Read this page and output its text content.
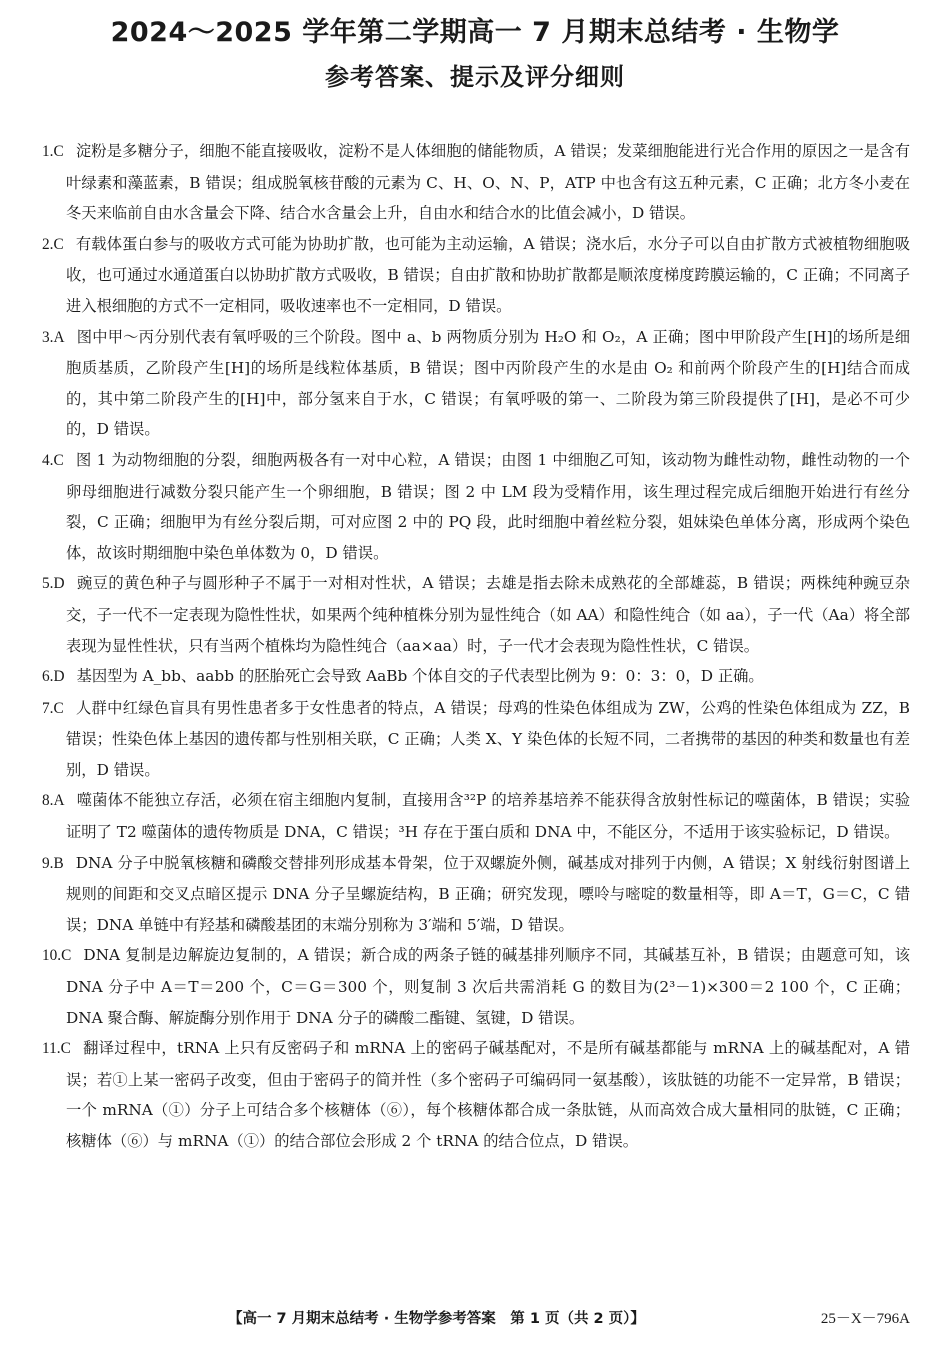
2024～2025 学年第二学期高一 7 月期末总结考 · 生物学
参考答案、提示及评分细则

1.C 淀粉是多糖分子，细胞不能直接吸收，淀粉不是人体细胞的储能物质，A 错误；发菜细胞能进行光合作用的原因之一是含有叶绿素和藻蓝素，B 错误；组成脱氧核苷酸的元素为 C、H、O、N、P，ATP 中也含有这五种元素，C 正确；北方冬小麦在冬天来临前自由水含量会下降、结合水含量会上升，自由水和结合水的比值会减小，D 错误。

2.C 有载体蛋白参与的吸收方式可能为协助扩散，也可能为主动运输，A 错误；浇水后，水分子可以自由扩散方式被植物细胞吸收，也可通过水通道蛋白以协助扩散方式吸收，B 错误；自由扩散和协助扩散都是顺浓度梯度跨膜运输的，C 正确；不同离子进入根细胞的方式不一定相同，吸收速率也不一定相同，D 错误。

3.A 图中甲～丙分别代表有氧呼吸的三个阶段。图中 a、b 两物质分别为 H₂O 和 O₂，A 正确；图中甲阶段产生[H]的场所是细胞质基质，乙阶段产生[H]的场所是线粒体基质，B 错误；图中丙阶段产生的水是由 O₂ 和前两个阶段产生的[H]结合而成的，其中第二阶段产生的[H]中，部分氢来自于水，C 错误；有氧呼吸的第一、二阶段为第三阶段提供了[H]，是必不可少的，D 错误。

4.C 图 1 为动物细胞的分裂，细胞两极各有一对中心粒，A 错误；由图 1 中细胞乙可知，该动物为雌性动物，雌性动物的一个卵母细胞进行减数分裂只能产生一个卵细胞，B 错误；图 2 中 LM 段为受精作用，该生理过程完成后细胞开始进行有丝分裂，C 正确；细胞甲为有丝分裂后期，可对应图 2 中的 PQ 段，此时细胞中着丝粒分裂，姐妹染色单体分离，形成两个染色体，故该时期细胞中染色单体数为 0，D 错误。

5.D 豌豆的黄色种子与圆形种子不属于一对相对性状，A 错误；去雄是指去除未成熟花的全部雄蕊，B 错误；两株纯种豌豆杂交，子一代不一定表现为隐性性状，如果两个纯种植株分别为显性纯合（如 AA）和隐性纯合（如 aa），子一代（Aa）将全部表现为显性性状，只有当两个植株均为隐性纯合（aa×aa）时，子一代才会表现为隐性性状，C 错误。

6.D 基因型为 A_bb、aabb 的胚胎死亡会导致 AaBb 个体自交的子代表型比例为 9：0：3：0，D 正确。

7.C 人群中红绿色盲具有男性患者多于女性患者的特点，A 错误；母鸡的性染色体组成为 ZW，公鸡的性染色体组成为 ZZ，B 错误；性染色体上基因的遗传都与性别相关联，C 正确；人类 X、Y 染色体的长短不同，二者携带的基因的种类和数量也有差别，D 错误。

8.A 噬菌体不能独立存活，必须在宿主细胞内复制，直接用含³²P 的培养基培养不能获得含放射性标记的噬菌体，B 错误；实验证明了 T2 噬菌体的遗传物质是 DNA，C 错误；³H 存在于蛋白质和 DNA 中，不能区分，不适用于该实验标记，D 错误。

9.B DNA 分子中脱氧核糖和磷酸交替排列形成基本骨架，位于双螺旋外侧，碱基成对排列于内侧，A 错误；X 射线衍射图谱上规则的间距和交叉点暗区提示 DNA 分子呈螺旋结构，B 正确；研究发现，嘌呤与嘧啶的数量相等，即 A＝T，G＝C，C 错误；DNA 单链中有羟基和磷酸基团的末端分别称为 3′端和 5′端，D 错误。

10.C DNA 复制是边解旋边复制的，A 错误；新合成的两条子链的碱基排列顺序不同，其碱基互补，B 错误；由题意可知，该 DNA 分子中 A＝T＝200 个，C＝G＝300 个，则复制 3 次后共需消耗 G 的数目为(2³－1)×300＝2 100 个，C 正确；DNA 聚合酶、解旋酶分别作用于 DNA 分子的磷酸二酯键、氢键，D 错误。

11.C 翻译过程中，tRNA 上只有反密码子和 mRNA 上的密码子碱基配对，不是所有碱基都能与 mRNA 上的碱基配对，A 错误；若①上某一密码子改变，但由于密码子的简并性（多个密码子可编码同一氨基酸），该肽链的功能不一定异常，B 错误；一个 mRNA（①）分子上可结合多个核糖体（⑥），每个核糖体都合成一条肽链，从而高效合成大量相同的肽链，C 正确；核糖体（⑥）与 mRNA（①）的结合部位会形成 2 个 tRNA 的结合位点，D 错误。

【高一 7 月期末总结考 · 生物学参考答案　第 1 页（共 2 页）】	25－X－796A
